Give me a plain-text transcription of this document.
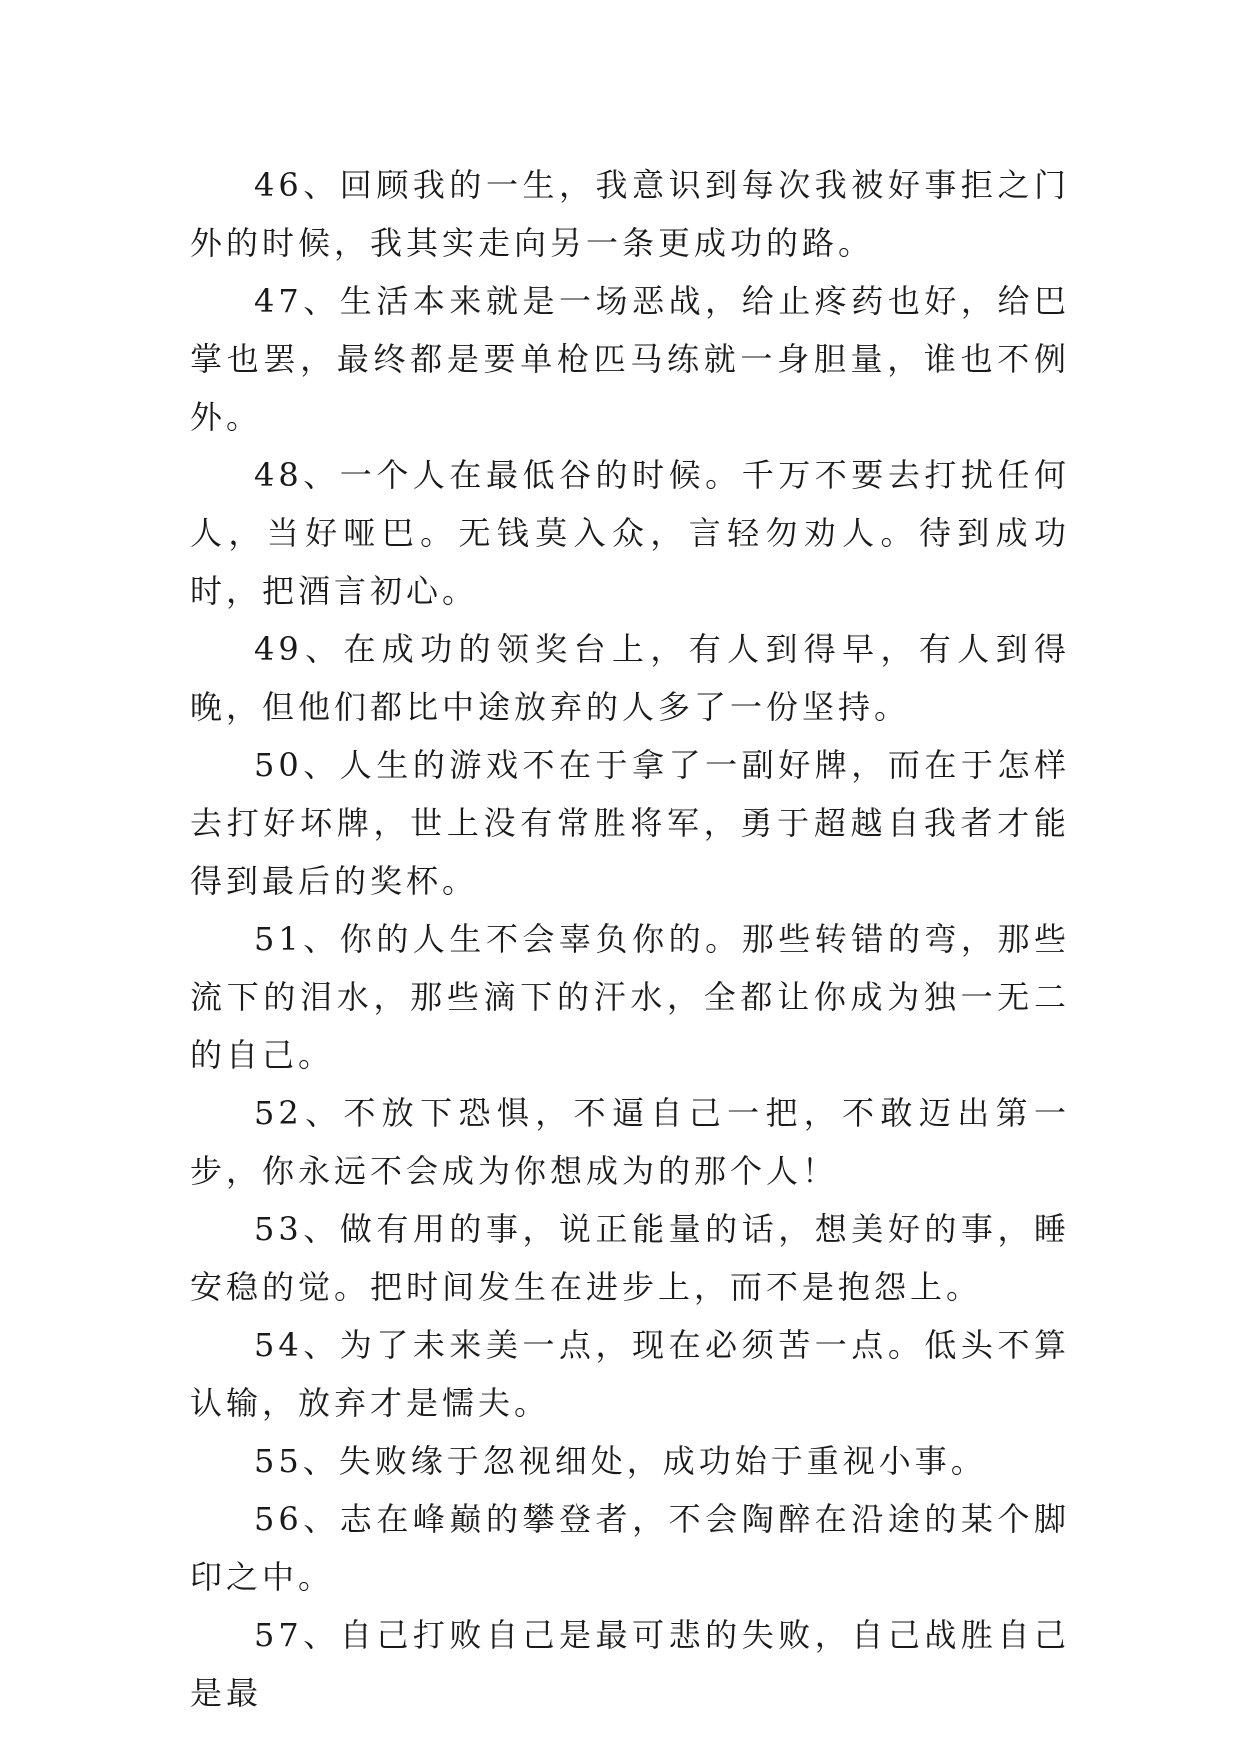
46、回顾我的一生，我意识到每次我被好事拒之门外的时候，我其实走向另一条更成功的路。

47、生活本来就是一场恶战，给止疼药也好，给巴掌也罢，最终都是要单枪匹马练就一身胆量，谁也不例外。

48、一个人在最低谷的时候。千万不要去打扰任何人，当好哑巴。无钱莫入众，言轻勿劝人。待到成功时，把酒言初心。

49、在成功的领奖台上，有人到得早，有人到得晚，但他们都比中途放弃的人多了一份坚持。

50、人生的游戏不在于拿了一副好牌，而在于怎样去打好坏牌，世上没有常胜将军，勇于超越自我者才能得到最后的奖杯。

51、你的人生不会辜负你的。那些转错的弯，那些流下的泪水，那些滴下的汗水，全都让你成为独一无二的自己。

52、不放下恐惧，不逼自己一把，不敢迈出第一步，你永远不会成为你想成为的那个人！

53、做有用的事，说正能量的话，想美好的事，睡安稳的觉。把时间发生在进步上，而不是抱怨上。

54、为了未来美一点，现在必须苦一点。低头不算认输，放弃才是懦夫。

55、失败缘于忽视细处，成功始于重视小事。

56、志在峰巅的攀登者，不会陶醉在沿途的某个脚印之中。

57、自己打败自己是最可悲的失败，自己战胜自己是最
